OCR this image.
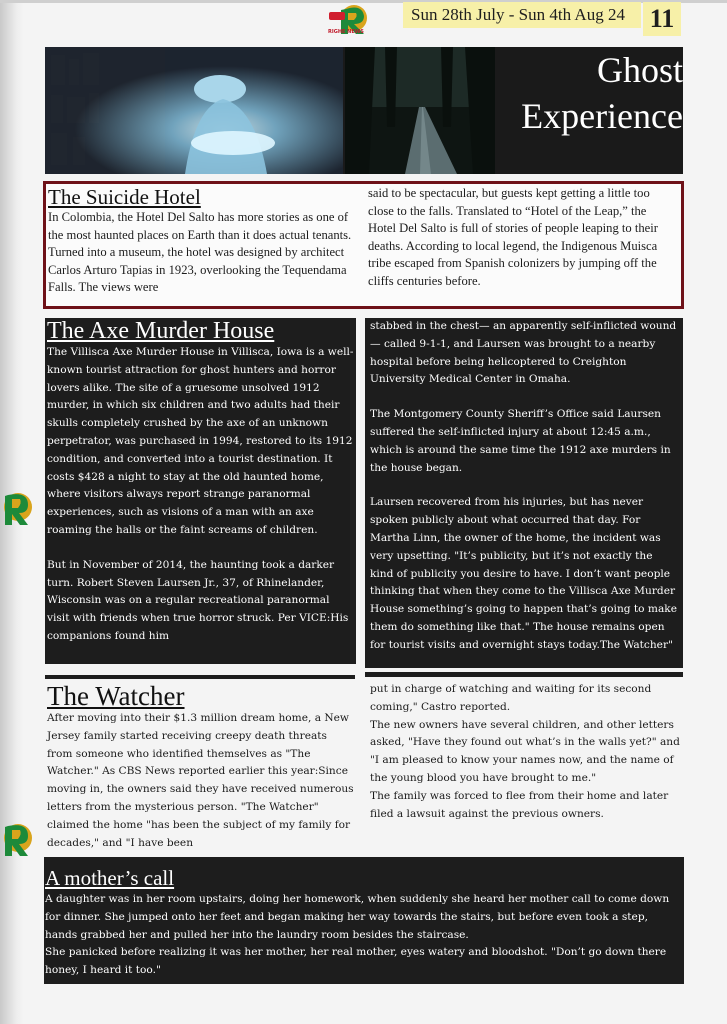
RIGHE NEWS
Sun 28th July - Sun 4th Aug 24 11
Ghost
Experience
The Suicide Hotel
In Colombia, the Hotel Del Salto has more stories as one of the most haunted places on Earth than it does actual tenants. Turned into a museum, the hotel was designed by architect Carlos Arturo Tapias in 1923, overlooking the Tequendama Falls. The views were
said to be spectacular, but guests kept getting a little too close to the falls. Translated to “Hotel of the Leap,” the Hotel Del Salto is full of stories of people leaping to their deaths. According to local legend, the Indigenous Muisca tribe escaped from Spanish colonizers by jumping off the cliffs centuries before.
The Axe Murder House
The Villisca Axe Murder House in Villisca, Iowa is a well-known tourist attraction for ghost hunters and horror lovers alike. The site of a gruesome unsolved 1912 murder, in which six children and two adults had their skulls completely crushed by the axe of an unknown perpetrator, was purchased in 1994, restored to its 1912 condition, and converted into a tourist destination. It costs $428 a night to stay at the old haunted home, where visitors always report strange paranormal experiences, such as visions of a man with an axe roaming the halls or the faint screams of children.
But in November of 2014, the haunting took a darker turn. Robert Steven Laursen Jr., 37, of Rhinelander, Wisconsin was on a regular recreational paranormal visit with friends when true horror struck. Per VICE:His companions found him
stabbed in the chest— an apparently self-inflicted wound— called 9-1-1, and Laursen was brought to a nearby hospital before being helicoptered to Creighton University Medical Center in Omaha.
The Montgomery County Sheriff’s Office said Laursen suffered the self-inflicted injury at about 12:45 a.m., which is around the same time the 1912 axe murders in the house began.
Laursen recovered from his injuries, but has never spoken publicly about what occurred that day. For Martha Linn, the owner of the home, the incident was very upsetting. "It’s publicity, but it’s not exactly the kind of publicity you desire to have. I don’t want people thinking that when they come to the Villisca Axe Murder House something’s going to happen that’s going to make them do something like that." The house remains open for tourist visits and overnight stays today.The Watcher"
The Watcher
After moving into their $1.3 million dream home, a New Jersey family started receiving creepy death threats from someone who identified themselves as "The Watcher." As CBS News reported earlier this year:Since moving in, the owners said they have received numerous letters from the mysterious person. "The Watcher" claimed the home "has been the subject of my family for decades," and "I have been
put in charge of watching and waiting for its second coming," Castro reported.
The new owners have several children, and other letters asked, "Have they found out what’s in the walls yet?" and "I am pleased to know your names now, and the name of the young blood you have brought to me."
The family was forced to flee from their home and later filed a lawsuit against the previous owners.
A mother’s call
A daughter was in her room upstairs, doing her homework, when suddenly she heard her mother call to come down for dinner. She jumped onto her feet and began making her way towards the stairs, but before even took a step, hands grabbed her and pulled her into the laundry room besides the staircase.
She panicked before realizing it was her mother, her real mother, eyes watery and bloodshot. "Don’t go down there honey, I heard it too."
